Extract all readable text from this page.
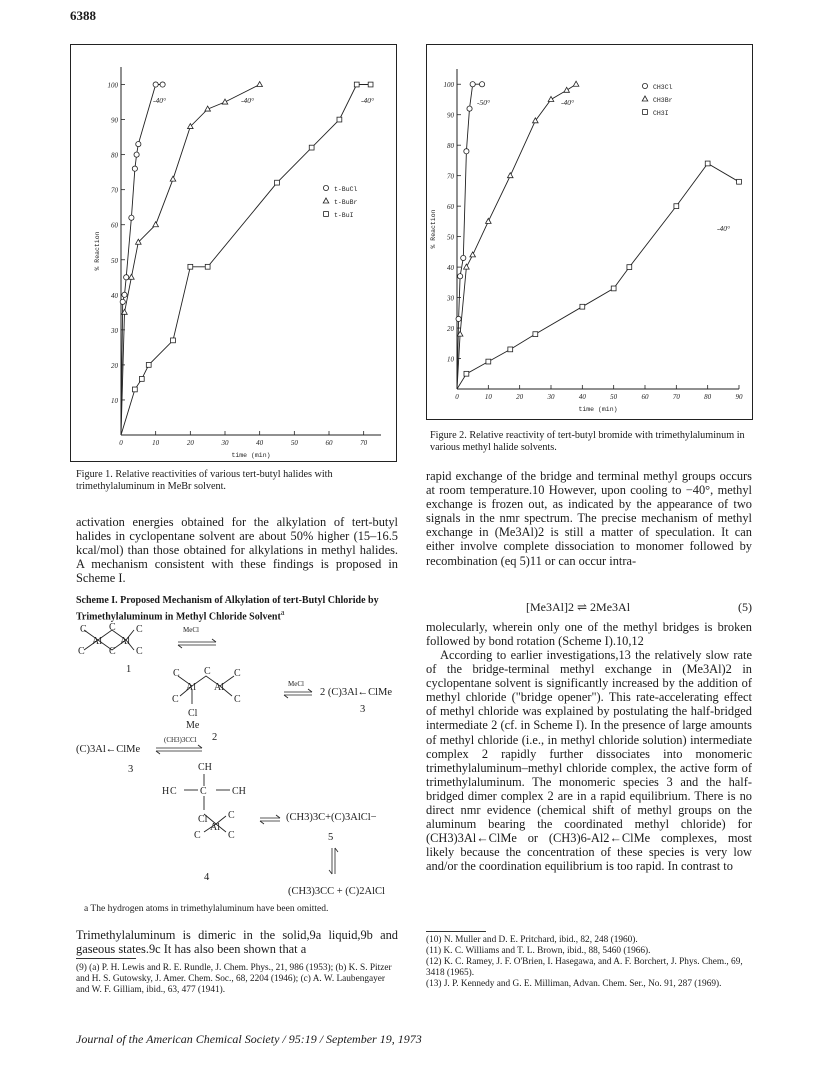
6388
10
20
30
40
50
60
70
80
90
100
0	10	20	30	40	50	60	70
time (min)
% Reaction
-40°	-40°	-40°
t-BuCl
t-BuBr
t-BuI
Figure 1. Relative reactivities of various tert-butyl halides with trimethylaluminum in MeBr solvent.
10
20
30
40
50
60
70
80
90
100
0	10	20	30	40	50	60	70	80	90
time (min)
% Reaction
-50°	-40°
-40°
CH3Cl
CH3Br
CH3I
Figure 2. Relative reactivity of tert-butyl bromide with trimethylaluminum in various methyl halide solvents.
activation energies obtained for the alkylation of tert-butyl halides in cyclopentane solvent are about 50% higher (15–16.5 kcal/mol) than those obtained for alkylations in methyl halides. A mechanism consistent with these findings is proposed in Scheme I.
Scheme I. Proposed Mechanism of Alkylation of tert-Butyl Chloride by Trimethylaluminum in Methyl Chloride Solvent$^a$
C C C
Al Al
C C C
C C C
Al Al
C	C
Cl
Me
CH
H C C	CH
Cl
Al
C
C	C
MeCl
1
MeCl
2 (C)3Al←ClMe
3
2
(CH3)3CCl
(C)3Al←ClMe
3
(CH3)3C+(C)3AlCl−
5
4
(CH3)3CC + (C)2AlCl
a The hydrogen atoms in trimethylaluminum have been omitted.
Trimethylaluminum is dimeric in the solid,9a liquid,9b and gaseous states.9c It has also been shown that a
(9) (a) P. H. Lewis and R. E. Rundle, J. Chem. Phys., 21, 986 (1953); (b) K. S. Pitzer and H. S. Gutowsky, J. Amer. Chem. Soc., 68, 2204 (1946); (c) A. W. Laubengayer and W. F. Gilliam, ibid., 63, 477 (1941).
rapid exchange of the bridge and terminal methyl groups occurs at room temperature.10 However, upon cooling to −40°, methyl exchange is frozen out, as indicated by the appearance of two signals in the nmr spectrum. The precise mechanism of methyl exchange in (Me3Al)2 is still a matter of speculation. It can either involve complete dissociation to monomer followed by recombination (eq 5)11 or can occur intra-
[Me3Al]2 ⇌ 2Me3Al	(5)
molecularly, wherein only one of the methyl bridges is broken followed by bond rotation (Scheme I).10,12
According to earlier investigations,13 the relatively slow rate of the bridge-terminal methyl exchange in (Me3Al)2 in cyclopentane solvent is significantly increased by the addition of methyl chloride ("bridge opener"). This rate-accelerating effect of methyl chloride was explained by postulating the half-bridged intermediate 2 (cf. in Scheme I). In the presence of large amounts of methyl chloride (i.e., in methyl chloride solution) intermediate complex 2 rapidly further dissociates into monomeric trimethylaluminum–methyl chloride complex, the active form of trimethylaluminum. The monomeric species 3 and the half-bridged dimer complex 2 are in a rapid equilibrium. There is no direct nmr evidence (chemical shift of methyl groups on the aluminum bearing the coordinated methyl chloride) for (CH3)3Al←ClMe or (CH3)6-Al2←ClMe complexes, most likely because the concentration of these species is very low and/or the coordination equilibrium is too rapid. In contrast to
(10) N. Muller and D. E. Pritchard, ibid., 82, 248 (1960).
(11) K. C. Williams and T. L. Brown, ibid., 88, 5460 (1966).
(12) K. C. Ramey, J. F. O'Brien, I. Hasegawa, and A. F. Borchert, J. Phys. Chem., 69, 3418 (1965).
(13) J. P. Kennedy and G. E. Milliman, Advan. Chem. Ser., No. 91, 287 (1969).
Journal of the American Chemical Society / 95:19 / September 19, 1973
